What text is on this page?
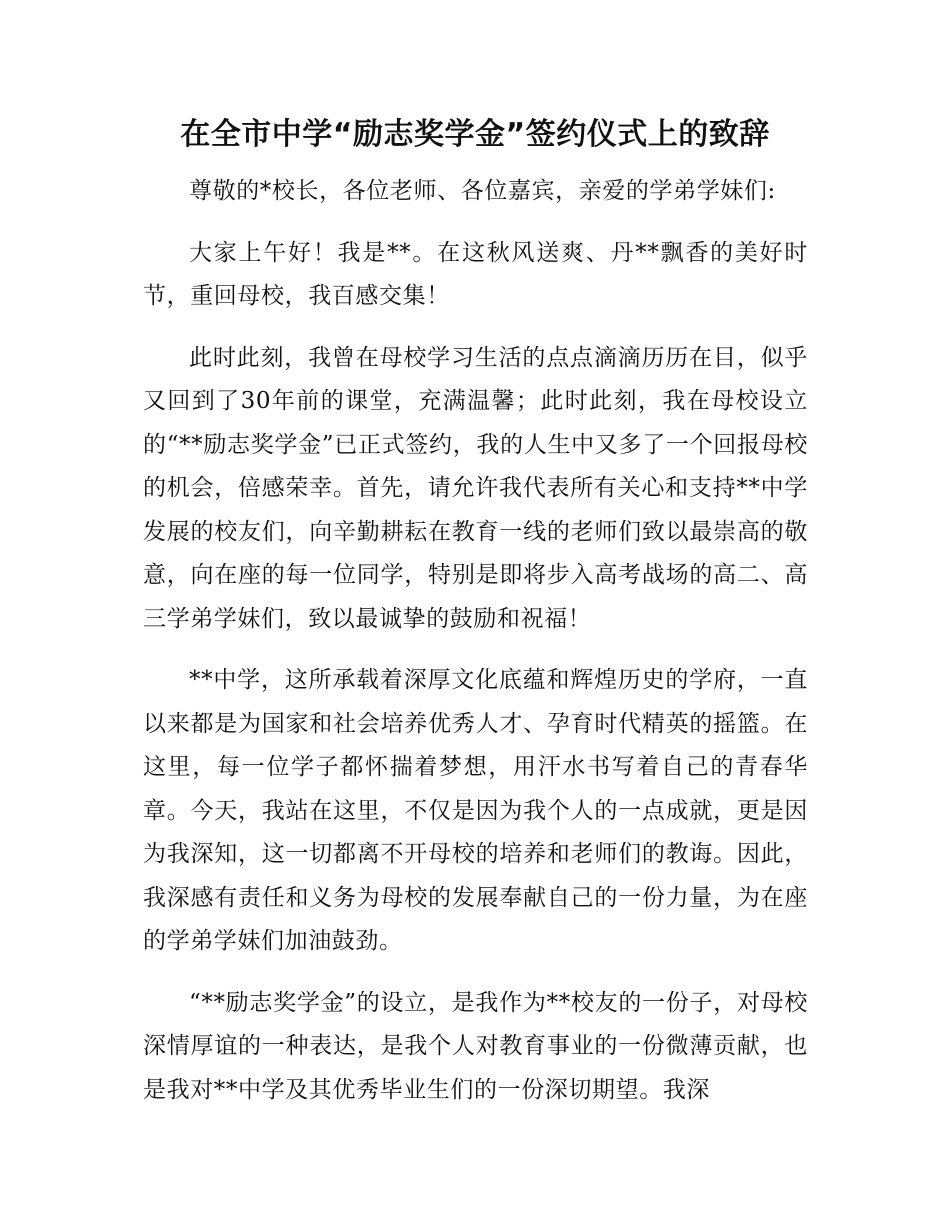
在全市中学“励志奖学金”签约仪式上的致辞

尊敬的*校长，各位老师、各位嘉宾，亲爱的学弟学妹们:

大家上午好！我是**。在这秋风送爽、丹**飘香的美好时节，重回母校，我百感交集！

此时此刻，我曾在母校学习生活的点点滴滴历历在目，似乎又回到了30年前的课堂，充满温馨；此时此刻，我在母校设立的“**励志奖学金”已正式签约，我的人生中又多了一个回报母校的机会，倍感荣幸。首先，请允许我代表所有关心和支持**中学发展的校友们，向辛勤耕耘在教育一线的老师们致以最崇高的敬意，向在座的每一位同学，特别是即将步入高考战场的高二、高三学弟学妹们，致以最诚挚的鼓励和祝福！

**中学，这所承载着深厚文化底蕴和辉煌历史的学府，一直以来都是为国家和社会培养优秀人才、孕育时代精英的摇篮。在这里，每一位学子都怀揣着梦想，用汗水书写着自己的青春华章。今天，我站在这里，不仅是因为我个人的一点成就，更是因为我深知，这一切都离不开母校的培养和老师们的教诲。因此，我深感有责任和义务为母校的发展奉献自己的一份力量，为在座的学弟学妹们加油鼓劲。

“**励志奖学金”的设立，是我作为**校友的一份子，对母校深情厚谊的一种表达，是我个人对教育事业的一份微薄贡献，也是我对**中学及其优秀毕业生们的一份深切期望。我深
